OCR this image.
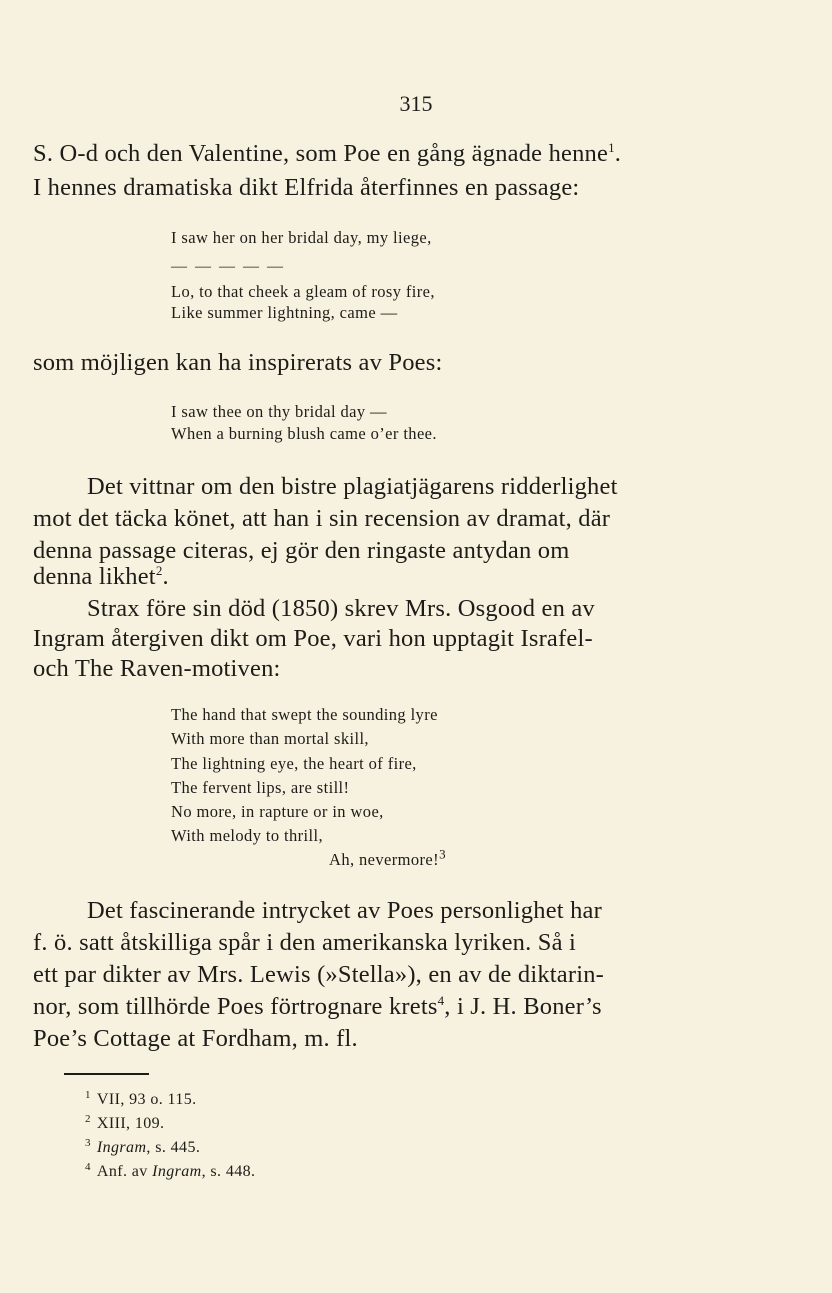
315
S. O-d och den Valentine, som Poe en gång ägnade henne$^1$.
I hennes dramatiska dikt Elfrida återfinnes en passage:
I saw her on her bridal day, my liege,
— — — — —
Lo, to that cheek a gleam of rosy fire,
Like summer lightning, came —
som möjligen kan ha inspirerats av Poes:
I saw thee on thy bridal day —
When a burning blush came o’er thee.
Det vittnar om den bistre plagiatjägarens ridderlighet
mot det täcka könet, att han i sin recension av dramat, där
denna passage citeras, ej gör den ringaste antydan om
denna likhet$^2$.
Strax före sin död (1850) skrev Mrs. Osgood en av
Ingram återgiven dikt om Poe, vari hon upptagit Israfel-
och The Raven-motiven:
The hand that swept the sounding lyre
With more than mortal skill,
The lightning eye, the heart of fire,
The fervent lips, are still!
No more, in rapture or in woe,
With melody to thrill,
Ah, nevermore!$^3$
Det fascinerande intrycket av Poes personlighet har
f. ö. satt åtskilliga spår i den amerikanska lyriken. Så i
ett par dikter av Mrs. Lewis (»Stella»), en av de diktarin-
nor, som tillhörde Poes förtrognare krets$^4$, i J. H. Boner’s
Poe’s Cottage at Fordham, m. fl.
$^1$ VII, 93 o. 115.
$^2$ XIII, 109.
$^3$ Ingram, s. 445.
$^4$ Anf. av Ingram, s. 448.
